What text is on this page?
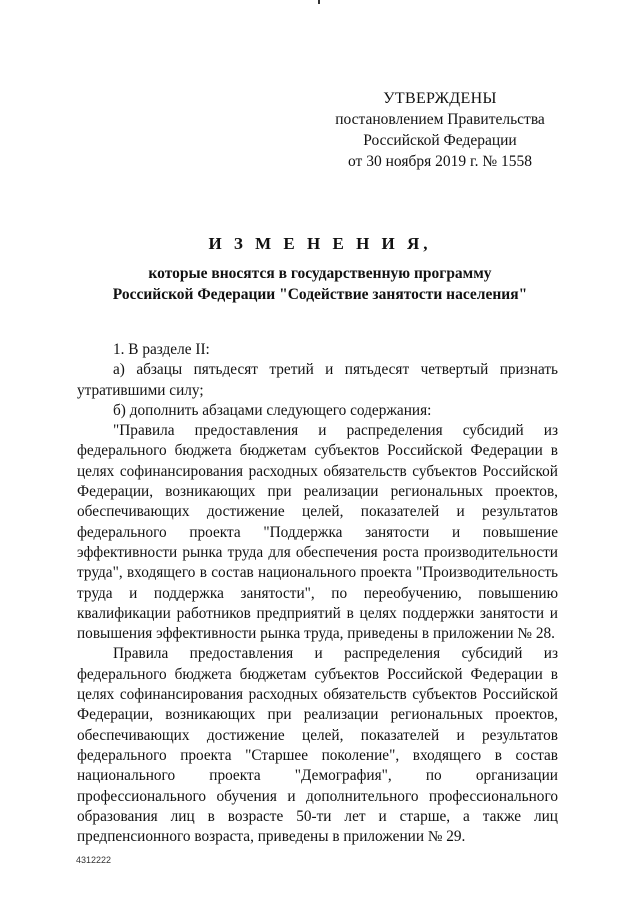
УТВЕРЖДЕНЫ
постановлением Правительства
Российской Федерации
от 30 ноября 2019 г. № 1558
И З М Е Н Е Н И Я,
которые вносятся в государственную программу
Российской Федерации "Содействие занятости населения"

1. В разделе II:

а) абзацы пятьдесят третий и пятьдесят четвертый признать утратившими силу;

б) дополнить абзацами следующего содержания:

"Правила предоставления и распределения субсидий из федерального бюджета бюджетам субъектов Российской Федерации в целях софинансирования расходных обязательств субъектов Российской Федерации, возникающих при реализации региональных проектов, обеспечивающих достижение целей, показателей и результатов федерального проекта "Поддержка занятости и повышение эффективности рынка труда для обеспечения роста производительности труда", входящего в состав национального проекта "Производительность труда и поддержка занятости", по переобучению, повышению квалификации работников предприятий в целях поддержки занятости и повышения эффективности рынка труда, приведены в приложении № 28.

Правила предоставления и распределения субсидий из федерального бюджета бюджетам субъектов Российской Федерации в целях софинансирования расходных обязательств субъектов Российской Федерации, возникающих при реализации региональных проектов, обеспечивающих достижение целей, показателей и результатов федерального проекта "Старшее поколение", входящего в состав национального проекта "Демография", по организации профессионального обучения и дополнительного профессионального образования лиц в возрасте 50-ти лет и старше, а также лиц предпенсионного возраста, приведены в приложении № 29.

4312222
